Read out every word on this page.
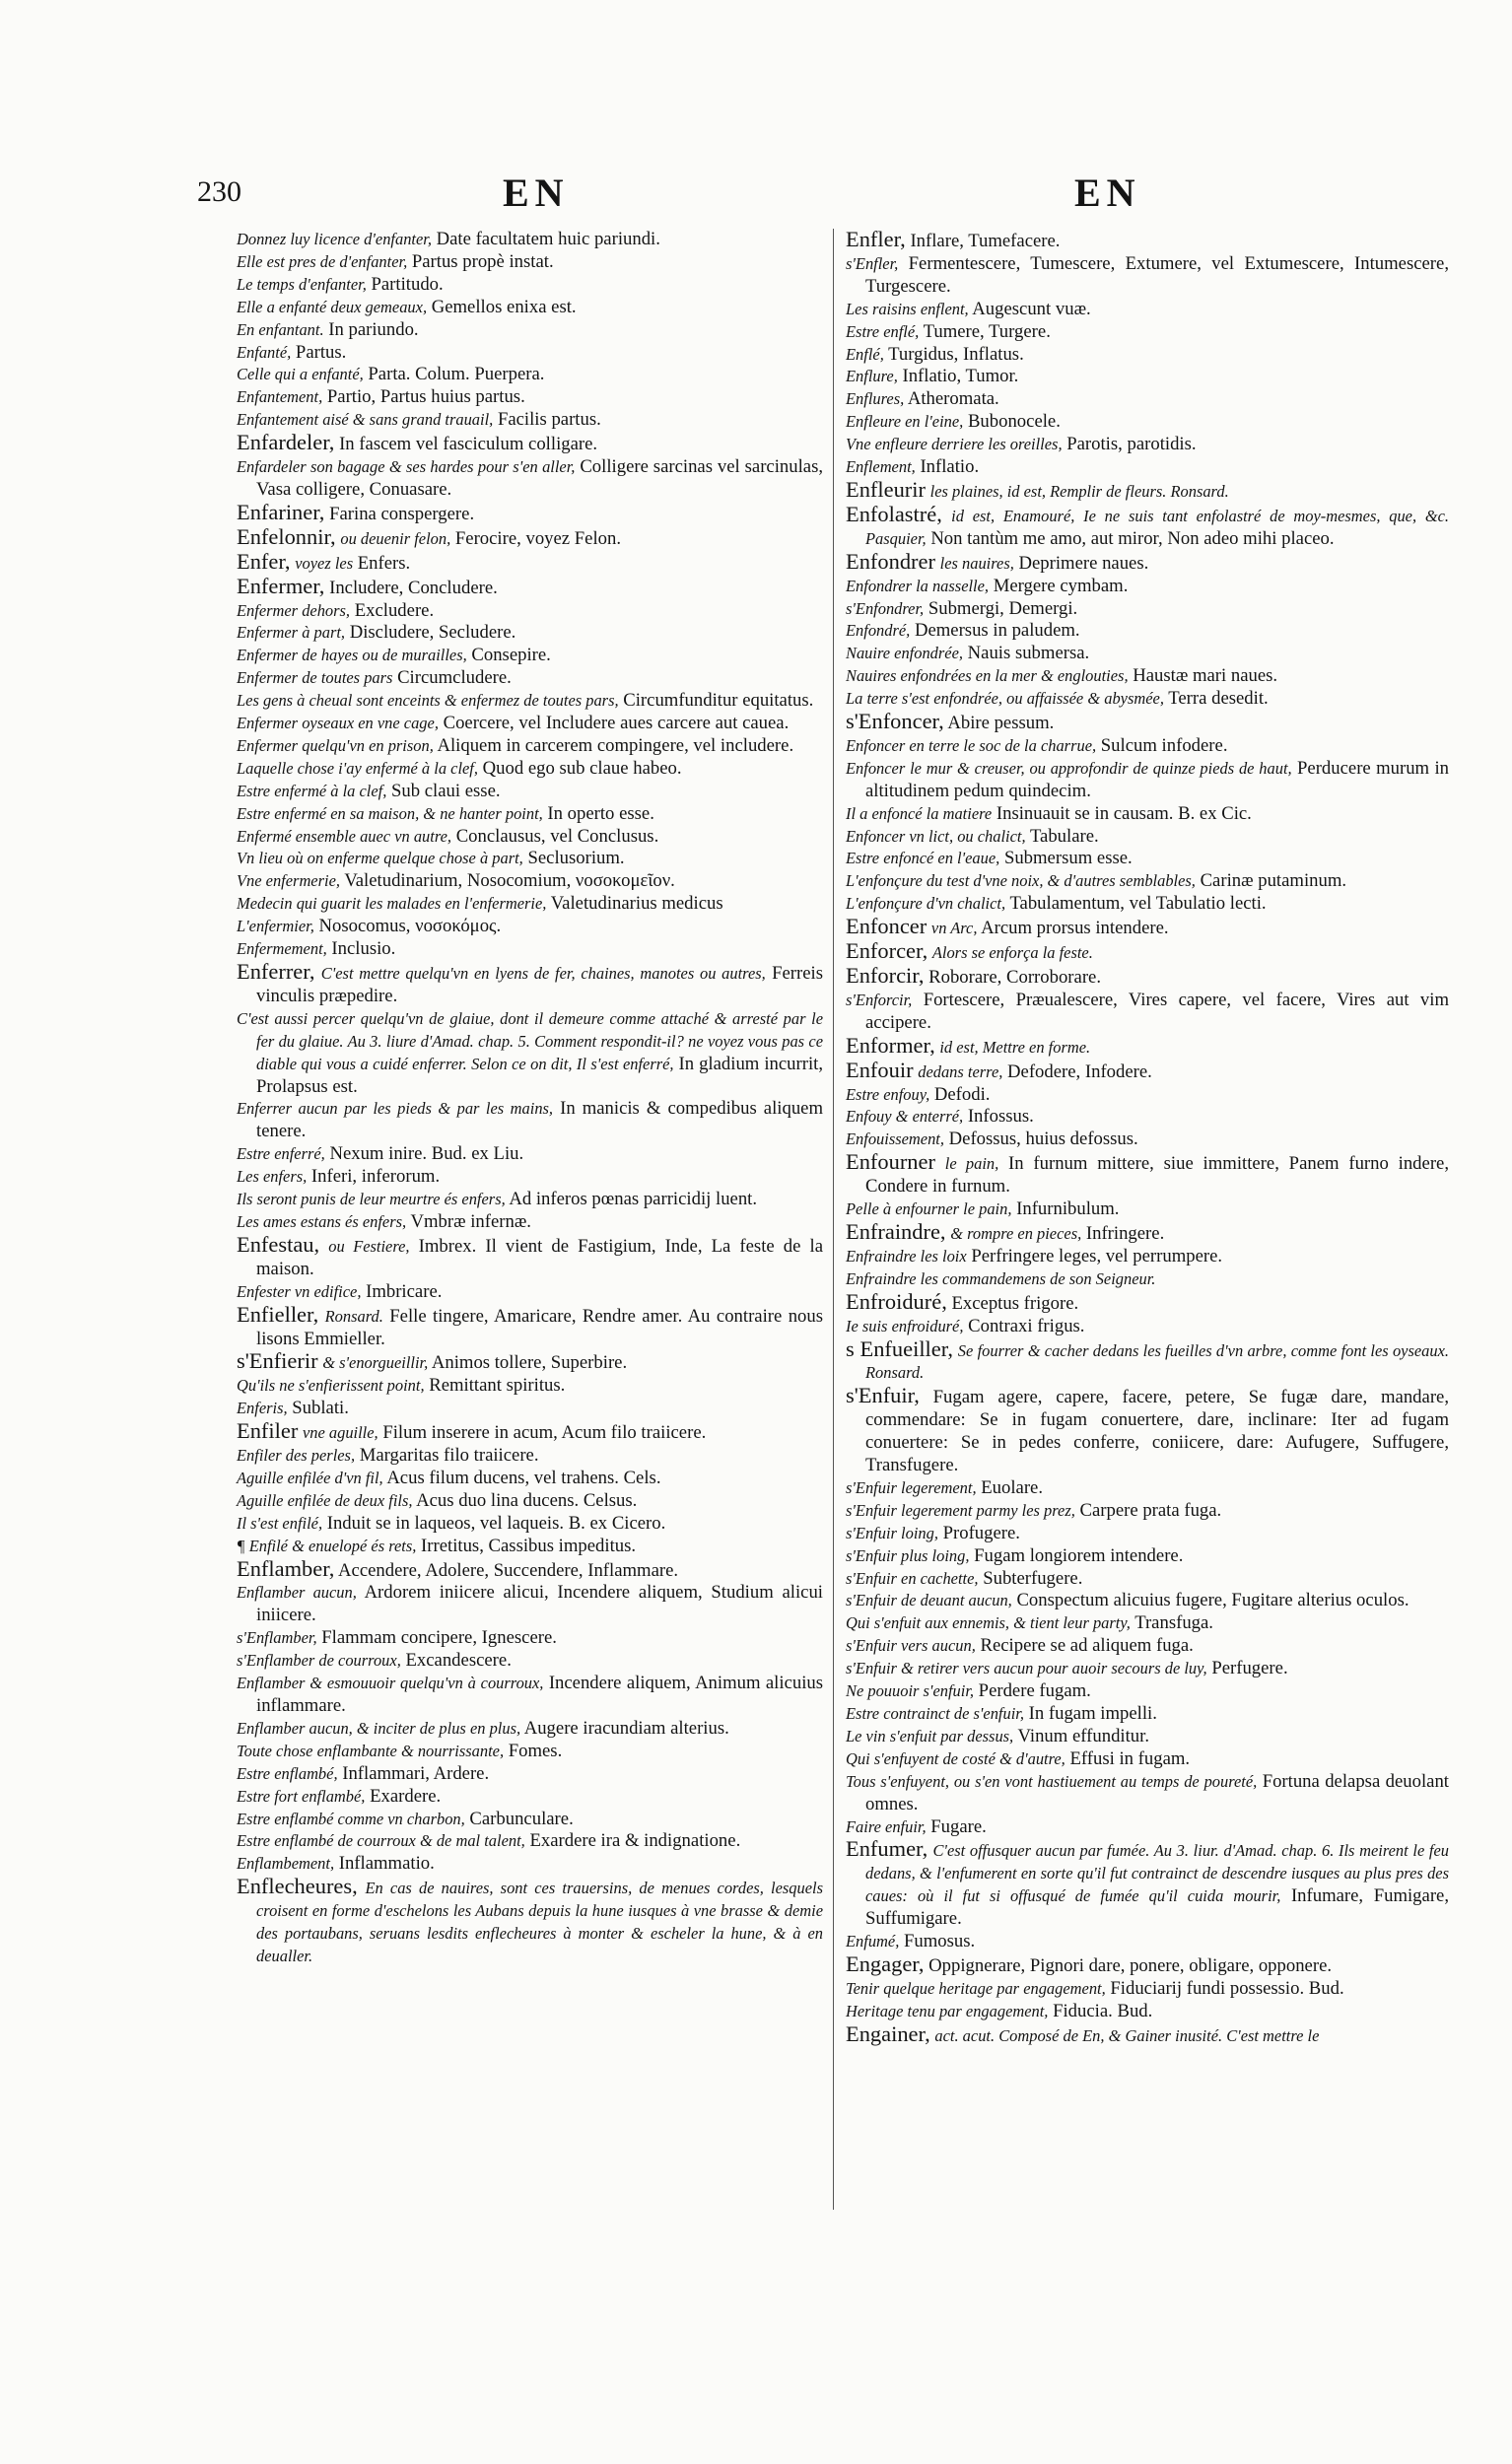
230	EN	EN

Donnez luy licence d'enfanter, Date facultatem huic pariundi.

Elle est pres de d'enfanter, Partus propè instat.

Le temps d'enfanter, Partitudo.

Elle a enfanté deux gemeaux, Gemellos enixa est.

En enfantant. In pariundo.

Enfanté, Partus.

Celle qui a enfanté, Parta. Colum. Puerpera.

Enfantement, Partio, Partus huius partus.

Enfantement aisé & sans grand trauail, Facilis partus.

Enfardeler, In fascem vel fasciculum colligare.

Enfardeler son bagage & ses hardes pour s'en aller, Colligere sarcinas vel sarcinulas, Vasa colligere, Conuasare.

Enfariner, Farina conspergere.

Enfelonnir, ou deuenir felon, Ferocire, voyez Felon.

Enfer, voyez les Enfers.

Enfermer, Includere, Concludere.

Enfermer dehors, Excludere.

Enfermer à part, Discludere, Secludere.

Enfermer de hayes ou de murailles, Consepire.

Enfermer de toutes pars Circumcludere.

Les gens à cheual sont enceints & enfermez de toutes pars, Circumfunditur equitatus.

Enfermer oyseaux en vne cage, Coercere, vel Includere aues carcere aut cauea.

Enfermer quelqu'vn en prison, Aliquem in carcerem compingere, vel includere.

Laquelle chose i'ay enfermé à la clef, Quod ego sub claue habeo.

Estre enfermé à la clef, Sub claui esse.

Estre enfermé en sa maison, & ne hanter point, In operto esse.

Enfermé ensemble auec vn autre, Conclausus, vel Conclusus.

Vn lieu où on enferme quelque chose à part, Seclusorium.

Vne enfermerie, Valetudinarium, Nosocomium, νοσοκομεῖον.

Medecin qui guarit les malades en l'enfermerie, Valetudinarius medicus

L'enfermier, Nosocomus, νοσοκόμος.

Enfermement, Inclusio.

Enferrer, C'est mettre quelqu'vn en lyens de fer, chaines, manotes ou autres, Ferreis vinculis præpedire.

C'est aussi percer quelqu'vn de glaiue, dont il demeure comme attaché & arresté par le fer du glaiue. Au 3. liure d'Amad. chap. 5. Comment respondit-il? ne voyez vous pas ce diable qui vous a cuidé enferrer. Selon ce on dit, Il s'est enferré, In gladium incurrit, Prolapsus est.

Enferrer aucun par les pieds & par les mains, In manicis & compedibus aliquem tenere.

Estre enferré, Nexum inire. Bud. ex Liu.

Les enfers, Inferi, inferorum.

Ils seront punis de leur meurtre és enfers, Ad inferos pœnas parricidij luent.

Les ames estans és enfers, Vmbræ infernæ.

Enfestau, ou Festiere, Imbrex. Il vient de Fastigium, Inde, La feste de la maison.

Enfester vn edifice, Imbricare.

Enfieller, Ronsard. Felle tingere, Amaricare, Rendre amer. Au contraire nous lisons Emmieller.

s'Enfierir & s'enorgueillir, Animos tollere, Superbire.

Qu'ils ne s'enfierissent point, Remittant spiritus.

Enferis, Sublati.

Enfiler vne aguille, Filum inserere in acum, Acum filo traiicere.

Enfiler des perles, Margaritas filo traiicere.

Aguille enfilée d'vn fil, Acus filum ducens, vel trahens. Cels.

Aguille enfilée de deux fils, Acus duo lina ducens. Celsus.

Il s'est enfilé, Induit se in laqueos, vel laqueis. B. ex Cicero.

¶ Enfilé & enuelopé és rets, Irretitus, Cassibus impeditus.

Enflamber, Accendere, Adolere, Succendere, Inflammare.

Enflamber aucun, Ardorem iniicere alicui, Incendere aliquem, Studium alicui iniicere.

s'Enflamber, Flammam concipere, Ignescere.

s'Enflamber de courroux, Excandescere.

Enflamber & esmouuoir quelqu'vn à courroux, Incendere aliquem, Animum alicuius inflammare.

Enflamber aucun, & inciter de plus en plus, Augere iracundiam alterius.

Toute chose enflambante & nourrissante, Fomes.

Estre enflambé, Inflammari, Ardere.

Estre fort enflambé, Exardere.

Estre enflambé comme vn charbon, Carbunculare.

Estre enflambé de courroux & de mal talent, Exardere ira & indignatione.

Enflambement, Inflammatio.

Enflecheures, En cas de nauires, sont ces trauersins, de menues cordes, lesquels croisent en forme d'eschelons les Aubans depuis la hune iusques à vne brasse & demie des portaubans, seruans lesdits enflecheures à monter & escheler la hune, & à en deualler.

Enfler, Inflare, Tumefacere.

s'Enfler, Fermentescere, Tumescere, Extumere, vel Extumescere, Intumescere, Turgescere.

Les raisins enflent, Augescunt vuæ.

Estre enflé, Tumere, Turgere.

Enflé, Turgidus, Inflatus.

Enflure, Inflatio, Tumor.

Enflures, Atheromata.

Enfleure en l'eine, Bubonocele.

Vne enfleure derriere les oreilles, Parotis, parotidis.

Enflement, Inflatio.

Enfleurir les plaines, id est, Remplir de fleurs. Ronsard.

Enfolastré, id est, Enamouré, Ie ne suis tant enfolastré de moy-mesmes, que, &c. Pasquier, Non tantùm me amo, aut miror, Non adeo mihi placeo.

Enfondrer les nauires, Deprimere naues.

Enfondrer la nasselle, Mergere cymbam.

s'Enfondrer, Submergi, Demergi.

Enfondré, Demersus in paludem.

Nauire enfondrée, Nauis submersa.

Nauires enfondrées en la mer & englouties, Haustæ mari naues.

La terre s'est enfondrée, ou affaissée & abysmée, Terra desedit.

s'Enfoncer, Abire pessum.

Enfoncer en terre le soc de la charrue, Sulcum infodere.

Enfoncer le mur & creuser, ou approfondir de quinze pieds de haut, Perducere murum in altitudinem pedum quindecim.

Il a enfoncé la matiere Insinuauit se in causam. B. ex Cic.

Enfoncer vn lict, ou chalict, Tabulare.

Estre enfoncé en l'eaue, Submersum esse.

L'enfonçure du test d'vne noix, & d'autres semblables, Carinæ putaminum.

L'enfonçure d'vn chalict, Tabulamentum, vel Tabulatio lecti.

Enfoncer vn Arc, Arcum prorsus intendere.

Enforcer, Alors se enforça la feste.

Enforcir, Roborare, Corroborare.

s'Enforcir, Fortescere, Præualescere, Vires capere, vel facere, Vires aut vim accipere.

Enformer, id est, Mettre en forme.

Enfouir dedans terre, Defodere, Infodere.

Estre enfouy, Defodi.

Enfouy & enterré, Infossus.

Enfouissement, Defossus, huius defossus.

Enfourner le pain, In furnum mittere, siue immittere, Panem furno indere, Condere in furnum.

Pelle à enfourner le pain, Infurnibulum.

Enfraindre, & rompre en pieces, Infringere.

Enfraindre les loix Perfringere leges, vel perrumpere.

Enfraindre les commandemens de son Seigneur.

Enfroiduré, Exceptus frigore.

Ie suis enfroiduré, Contraxi frigus.

s Enfueiller, Se fourrer & cacher dedans les fueilles d'vn arbre, comme font les oyseaux. Ronsard.

s'Enfuir, Fugam agere, capere, facere, petere, Se fugæ dare, mandare, commendare: Se in fugam conuertere, dare, inclinare: Iter ad fugam conuertere: Se in pedes conferre, coniicere, dare: Aufugere, Suffugere, Transfugere.

s'Enfuir legerement, Euolare.

s'Enfuir legerement parmy les prez, Carpere prata fuga.

s'Enfuir loing, Profugere.

s'Enfuir plus loing, Fugam longiorem intendere.

s'Enfuir en cachette, Subterfugere.

s'Enfuir de deuant aucun, Conspectum alicuius fugere, Fugitare alterius oculos.

Qui s'enfuit aux ennemis, & tient leur party, Transfuga.

s'Enfuir vers aucun, Recipere se ad aliquem fuga.

s'Enfuir & retirer vers aucun pour auoir secours de luy, Perfugere.

Ne pouuoir s'enfuir, Perdere fugam.

Estre contrainct de s'enfuir, In fugam impelli.

Le vin s'enfuit par dessus, Vinum effunditur.

Qui s'enfuyent de costé & d'autre, Effusi in fugam.

Tous s'enfuyent, ou s'en vont hastiuement au temps de poureté, Fortuna delapsa deuolant omnes.

Faire enfuir, Fugare.

Enfumer, C'est offusquer aucun par fumée. Au 3. liur. d'Amad. chap. 6. Ils meirent le feu dedans, & l'enfumerent en sorte qu'il fut contrainct de descendre iusques au plus pres des caues: où il fut si offusqué de fumée qu'il cuida mourir, Infumare, Fumigare, Suffumigare.

Enfumé, Fumosus.

Engager, Oppignerare, Pignori dare, ponere, obligare, opponere.

Tenir quelque heritage par engagement, Fiduciarij fundi possessio. Bud.

Heritage tenu par engagement, Fiducia. Bud.

Engainer, act. acut. Composé de En, & Gainer inusité. C'est mettre le
